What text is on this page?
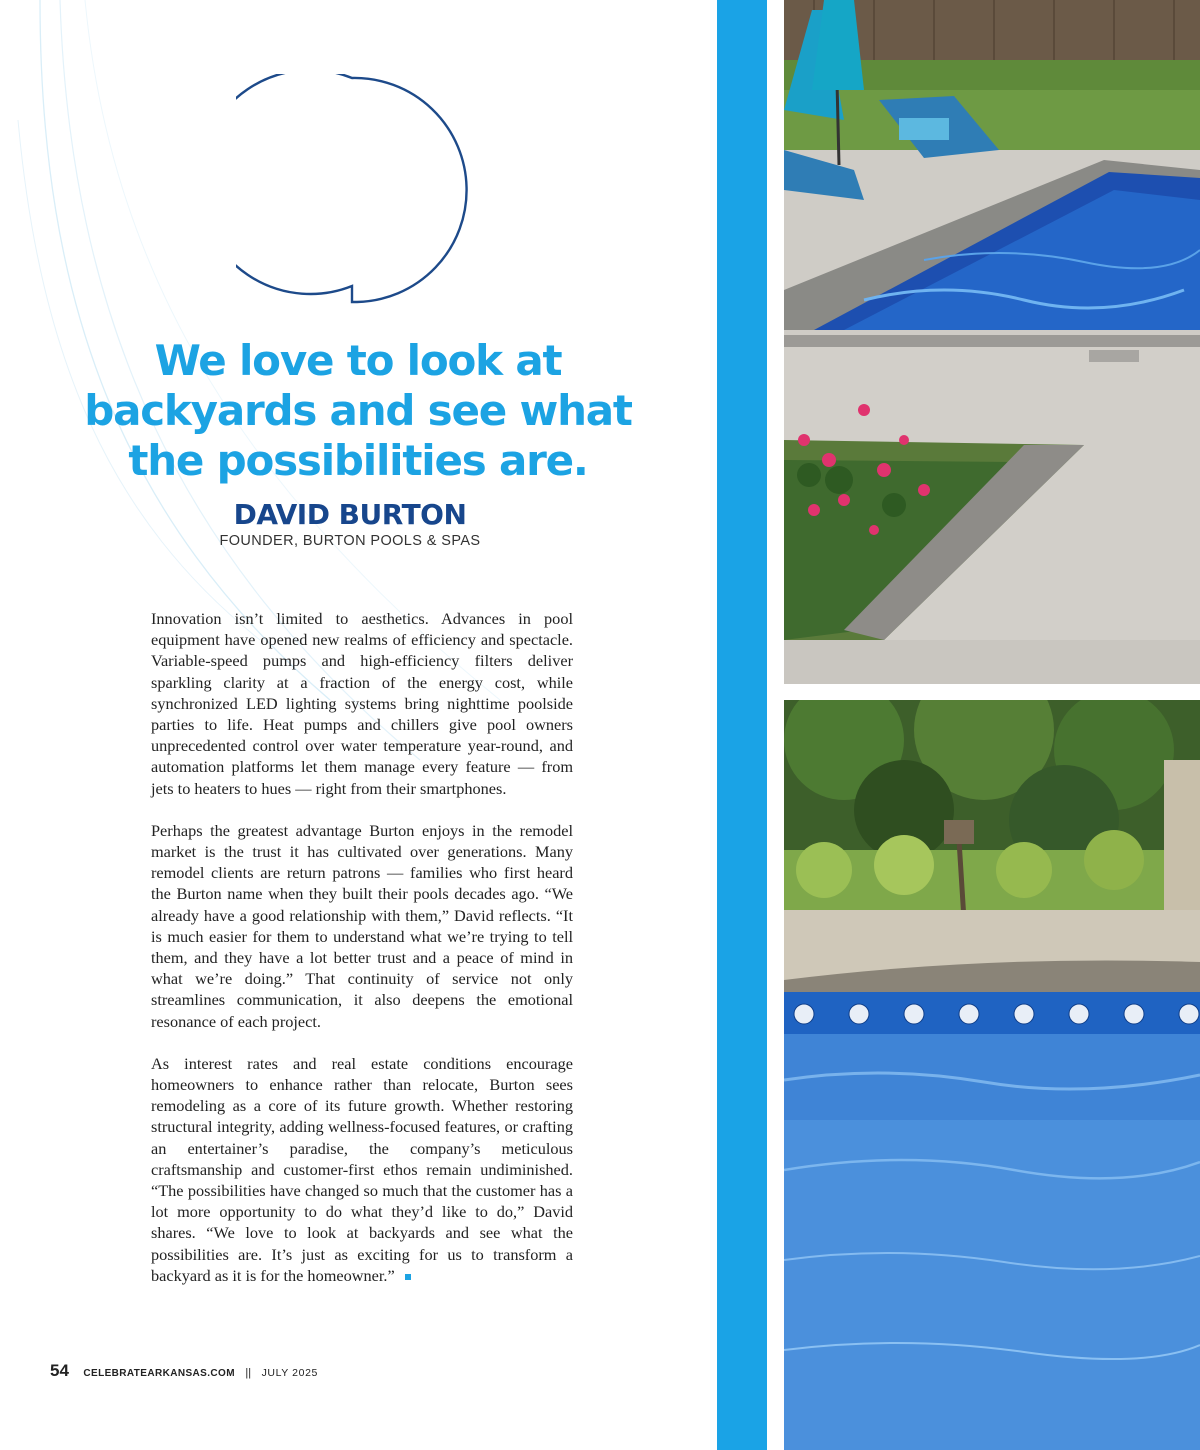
We love to look at
backyards and see what
the possibilities are.
DAVID BURTON
FOUNDER, BURTON POOLS & SPAS

Innovation isn’t limited to aesthetics. Advances in pool equipment have opened new realms of efficiency and spectacle. Variable-speed pumps and high-efficiency filters deliver sparkling clarity at a fraction of the energy cost, while synchronized LED lighting systems bring nighttime poolside parties to life. Heat pumps and chillers give pool owners unprecedented control over water temperature year-round, and automation platforms let them manage every feature — from jets to heaters to hues — right from their smartphones.

Perhaps the greatest advantage Burton enjoys in the remodel market is the trust it has cultivated over generations. Many remodel clients are return patrons — families who first heard the Burton name when they built their pools decades ago. “We already have a good relationship with them,” David reflects. “It is much easier for them to understand what we’re trying to tell them, and they have a lot better trust and a peace of mind in what we’re doing.” That continuity of service not only streamlines communication, it also deepens the emotional resonance of each project.

As interest rates and real estate conditions encourage homeowners to enhance rather than relocate, Burton sees remodeling as a core of its future growth. Whether restoring structural integrity, adding wellness-focused features, or crafting an entertainer’s paradise, the company’s meticulous craftsmanship and customer-first ethos remain undiminished. “The possibilities have changed so much that the customer has a lot more opportunity to do what they’d like to do,” David shares. “We love to look at backyards and see what the possibilities are. It’s just as exciting for us to transform a backyard as it is for the homeowner.”

54 CELEBRATEARKANSAS.COM || JULY 2025
